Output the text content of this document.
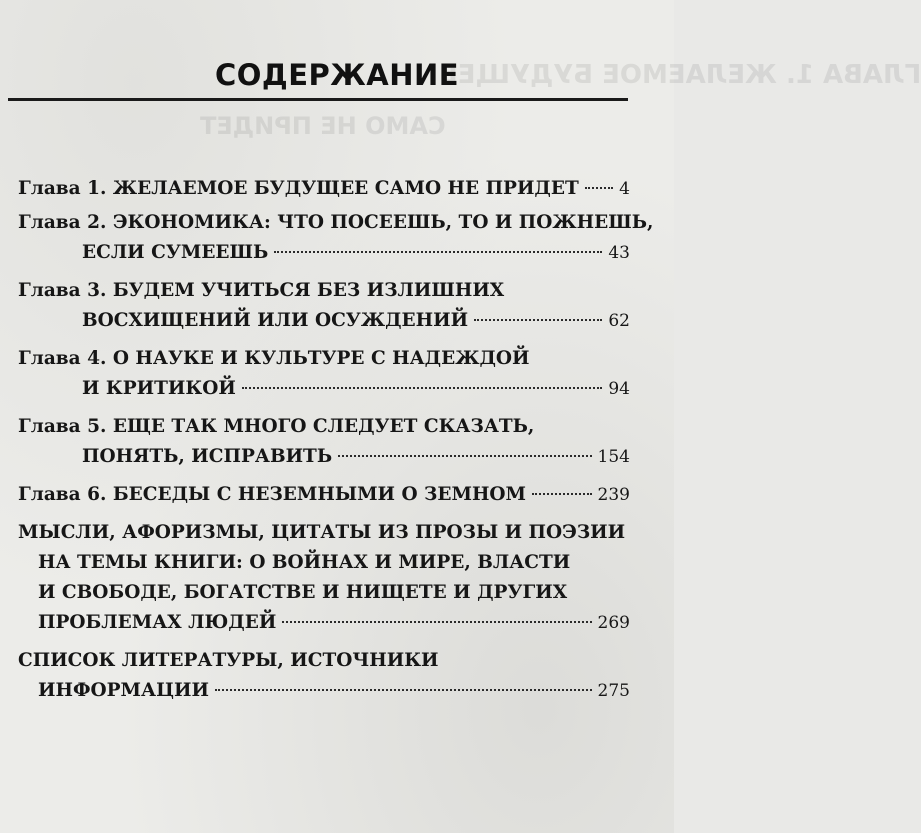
ГЛАВА 1. ЖЕЛАЕМОЕ БУДУЩЕЕ
САМО НЕ ПРИДЕТ
СОДЕРЖАНИЕ
Глава 1. ЖЕЛАЕМОЕ БУДУЩЕЕ САМО НЕ ПРИДЕТ 4
Глава 2. ЭКОНОМИКА: ЧТО ПОСЕЕШЬ, ТО И ПОЖНЕШЬ,
ЕСЛИ СУМЕЕШЬ	43
Глава 3. БУДЕМ УЧИТЬСЯ БЕЗ ИЗЛИШНИХ
ВОСХИЩЕНИЙ ИЛИ ОСУЖДЕНИЙ	62
Глава 4. О НАУКЕ И КУЛЬТУРЕ С НАДЕЖДОЙ
И КРИТИКОЙ	94
Глава 5. ЕЩЕ ТАК МНОГО СЛЕДУЕТ СКАЗАТЬ,
ПОНЯТЬ, ИСПРАВИТЬ	154
Глава 6. БЕСЕДЫ С НЕЗЕМНЫМИ О ЗЕМНОМ	239
МЫСЛИ, АФОРИЗМЫ, ЦИТАТЫ ИЗ ПРОЗЫ И ПОЭЗИИ
НА ТЕМЫ КНИГИ: О ВОЙНАХ И МИРЕ, ВЛАСТИ
И СВОБОДЕ, БОГАТСТВЕ И НИЩЕТЕ И ДРУГИХ
ПРОБЛЕМАХ ЛЮДЕЙ	269
СПИСОК ЛИТЕРАТУРЫ, ИСТОЧНИКИ
ИНФОРМАЦИИ	275
